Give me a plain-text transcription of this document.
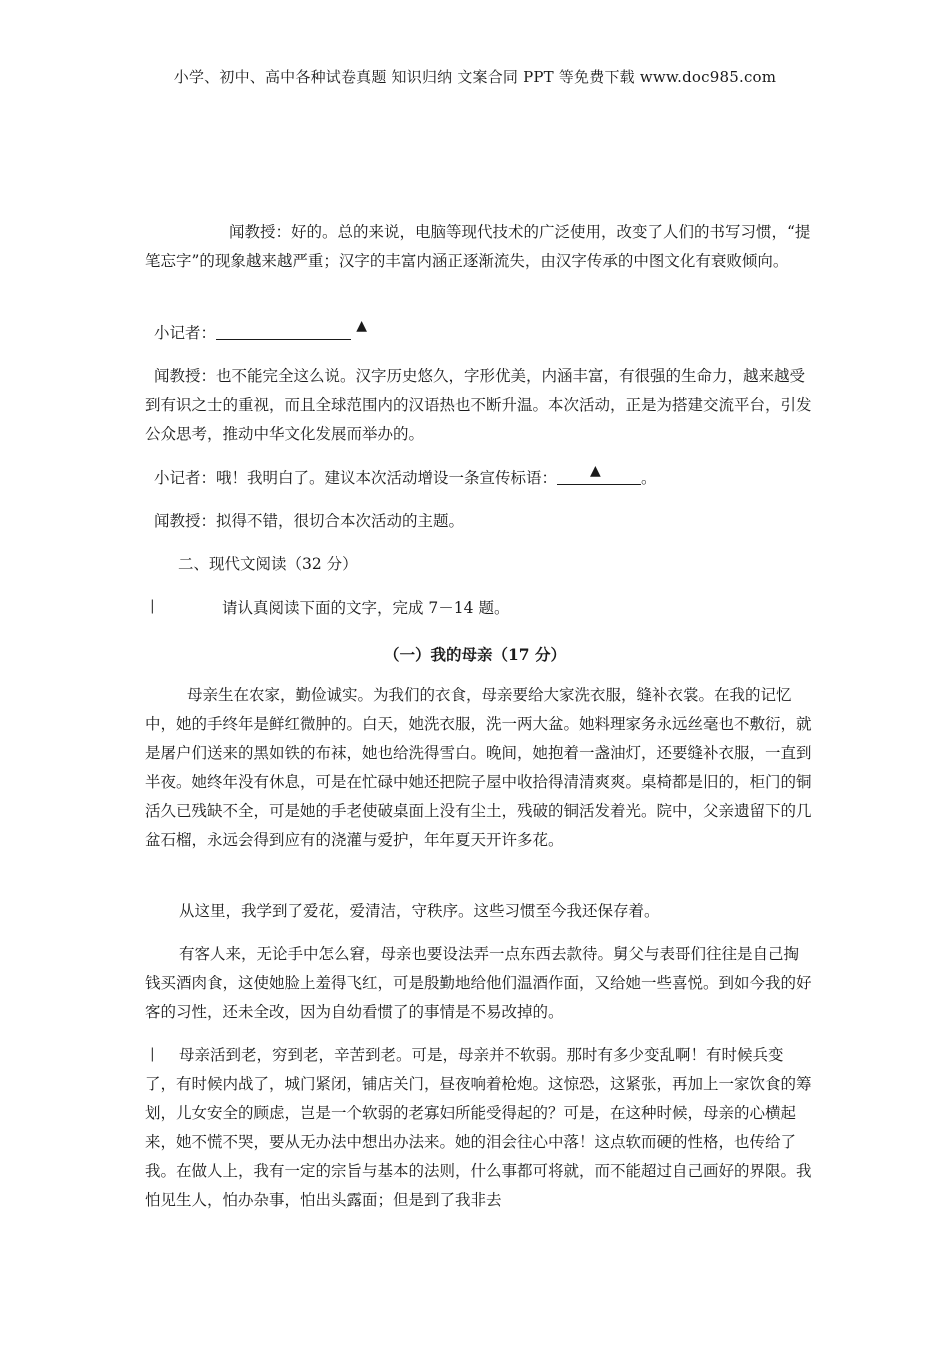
小学、初中、高中各种试卷真题 知识归纳 文案合同 PPT 等免费下载 www.doc985.com
闻教授：好的。总的来说，电脑等现代技术的广泛使用，改变了人们的书写习惯，“提笔忘字”的现象越来越严重；汉字的丰富内涵正逐渐流失，由汉字传承的中图文化有衰败倾向。
小记者：	▲
闻教授：也不能完全这么说。汉字历史悠久，字形优美，内涵丰富，有很强的生命力，越来越受到有识之士的重视，而且全球范围内的汉语热也不断升温。本次活动，正是为搭建交流平台，引发公众思考，推动中华文化发展而举办的。
小记者：哦！我明白了。建议本次活动增设一条宣传标语： ▲	。
闻教授：拟得不错，很切合本次活动的主题。
二、现代文阅读（32 分）
|	请认真阅读下面的文字，完成 7－14 题。
（一）我的母亲（17 分）
母亲生在农家，勤俭诚实。为我们的衣食，母亲要给大家洗衣服，缝补衣裳。在我的记忆中，她的手终年是鲜红微肿的。白天，她洗衣服，洗一两大盆。她料理家务永远丝毫也不敷衍，就是屠户们送来的黑如铁的布袜，她也给洗得雪白。晚间，她抱着一盏油灯，还要缝补衣服，一直到半夜。她终年没有休息，可是在忙碌中她还把院子屋中收拾得清清爽爽。桌椅都是旧的，柜门的铜活久已残缺不全，可是她的手老使破桌面上没有尘土，残破的铜活发着光。院中，父亲遗留下的几盆石榴，永远会得到应有的浇灌与爱护，年年夏天开许多花。
从这里，我学到了爱花，爱清洁，守秩序。这些习惯至今我还保存着。
有客人来，无论手中怎么窘，母亲也要设法弄一点东西去款待。舅父与表哥们往往是自己掏钱买酒肉食，这使她脸上羞得飞红，可是殷勤地给他们温酒作面，又给她一些喜悦。到如今我的好客的习性，还未全改，因为自幼看惯了的事情是不易改掉的。
|	母亲活到老，穷到老，辛苦到老。可是，母亲并不软弱。那时有多少变乱啊！有时候兵变了，有时候内战了，城门紧闭，铺店关门，昼夜响着枪炮。这惊恐，这紧张，再加上一家饮食的筹划，儿女安全的顾虑，岂是一个软弱的老寡妇所能受得起的？可是，在这种时候，母亲的心横起来，她不慌不哭，要从无办法中想出办法来。她的泪会往心中落！这点软而硬的性格，也传给了我。在做人上，我有一定的宗旨与基本的法则，什么事都可将就，而不能超过自己画好的界限。我怕见生人，怕办杂事，怕出头露面；但是到了我非去
